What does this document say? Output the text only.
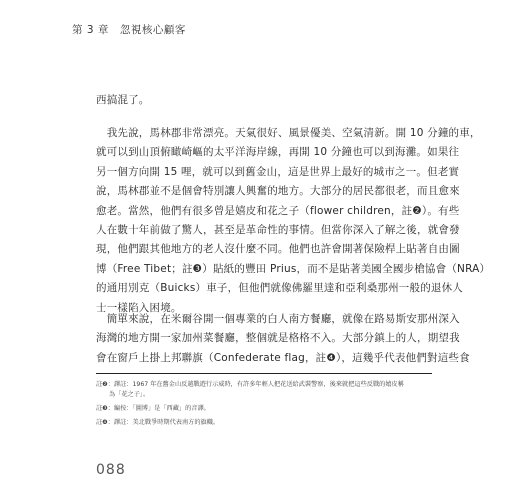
第 3 章　忽視核心顧客
西搞混了。
　我先說，馬林郡非常漂亮。天氣很好、風景優美、空氣清新。開 10 分鐘的車，
就可以到山頂俯瞰崎嶇的太平洋海岸線，再開 10 分鐘也可以到海灘。如果往
另一個方向開 15 哩，就可以到舊金山，這是世界上最好的城市之一。但老實
說，馬林郡並不是個會特別讓人興奮的地方。大部分的居民都很老，而且愈來
愈老。當然，他們有很多曾是嬉皮和花之子（flower children，註❷）。有些
人在數十年前做了驚人，甚至是革命性的事情。但當你深入了解之後，就會發
現，他們跟其他地方的老人沒什麼不同。他們也許會開著保險桿上貼著自由圖
博（Free Tibet；註❸）貼紙的豐田 Prius，而不是貼著美國全國步槍協會（NRA）
的通用別克（Buicks）車子，但他們就像佛羅里達和亞利桑那州一般的退休人
士一樣陷入困境。
　簡單來說，在米爾谷開一個專業的白人南方餐廳，就像在路易斯安那州深入
海灣的地方開一家加州菜餐廳，整個就是格格不入。大部分鎮上的人，期望我
會在窗戶上掛上邦聯旗（Confederate flag，註❹），這幾乎代表他們對這些食
註❷：譯註：1967 年在舊金山反越戰遊行示威時，有許多年輕人把花送給武裝警察，後來就把這些反戰的嬉皮稱
為「花之子」。
註❸：編按：「圖博」是「西藏」的音譯。
註❹：譯註：美北戰爭時期代表南方的旗幟。
088
